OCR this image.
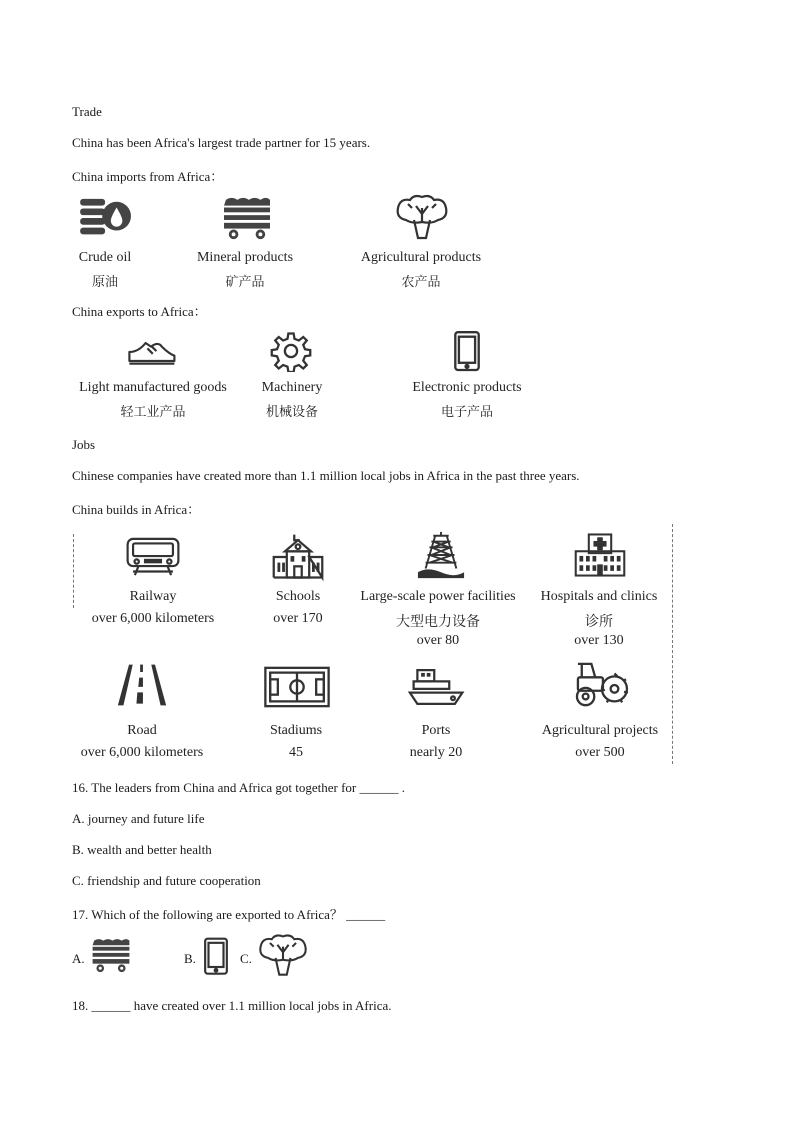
Trade
China has been Africa's largest trade partner for 15 years.
China imports from Africa：
Crude oil
原油
Mineral products
矿产品
Agricultural products
农产品
China exports to Africa：
Light manufactured goods
轻工业产品
Machinery
机械设备
Electronic products
电子产品
Jobs
Chinese companies have created more than 1.1 million local jobs in Africa in the past three years.
China builds in Africa：
Railway
over 6,000 kilometers
Schools
over 170
Large-scale power facilities
大型电力设备
over 80
Hospitals and clinics
诊所
over 130
Road
over 6,000 kilometers
Stadiums
45
Ports
nearly 20
Agricultural projects
over 500
16. The leaders from China and Africa got together for ______ .
A. journey and future life
B. wealth and better health
C. friendship and future cooperation
17. Which of the following are exported to Africa？ ______
A.	B.	C.
18. ______ have created over 1.1 million local jobs in Africa.
